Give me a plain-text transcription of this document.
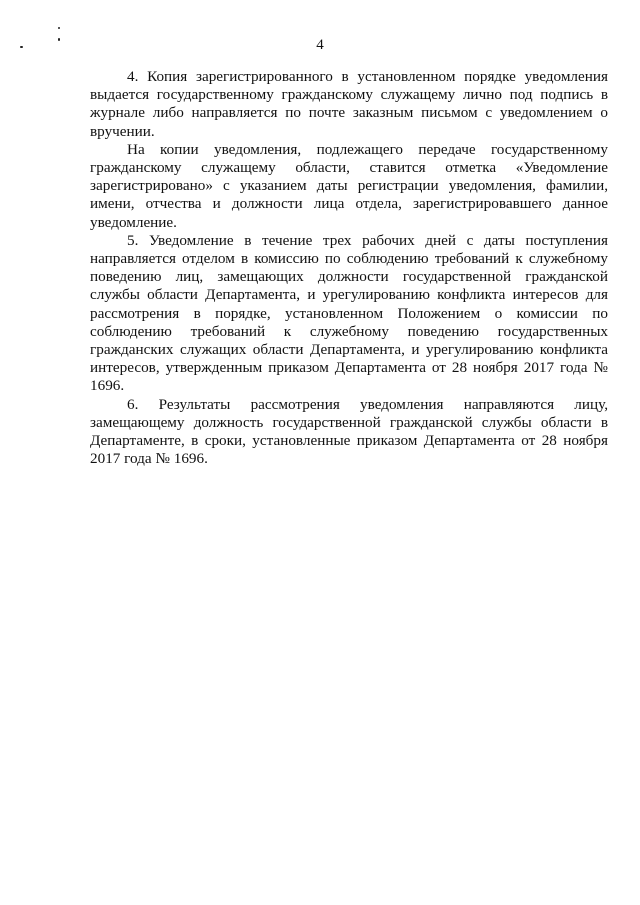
4

4. Копия зарегистрированного в установленном порядке уведомления выдается государственному гражданскому служащему лично под подпись в журнале либо направляется по почте заказным письмом с уведомлением о вручении.

На копии уведомления, подлежащего передаче государственному гражданскому служащему области, ставится отметка «Уведомление зарегистрировано» с указанием даты регистрации уведомления, фамилии, имени, отчества и должности лица отдела, зарегистрировавшего данное уведомление.

5. Уведомление в течение трех рабочих дней с даты поступления направляется отделом в комиссию по соблюдению требований к служебному поведению лиц, замещающих должности государственной гражданской службы области Департамента, и урегулированию конфликта интересов для рассмотрения в порядке, установленном Положением о комиссии по соблюдению требований к служебному поведению государственных гражданских служащих области Департамента, и урегулированию конфликта интересов, утвержденным приказом Департамента от 28 ноября 2017 года № 1696.

6. Результаты рассмотрения уведомления направляются лицу, замещающему должность государственной гражданской службы области в Департаменте, в сроки, установленные приказом Департамента от 28 ноября 2017 года № 1696.
